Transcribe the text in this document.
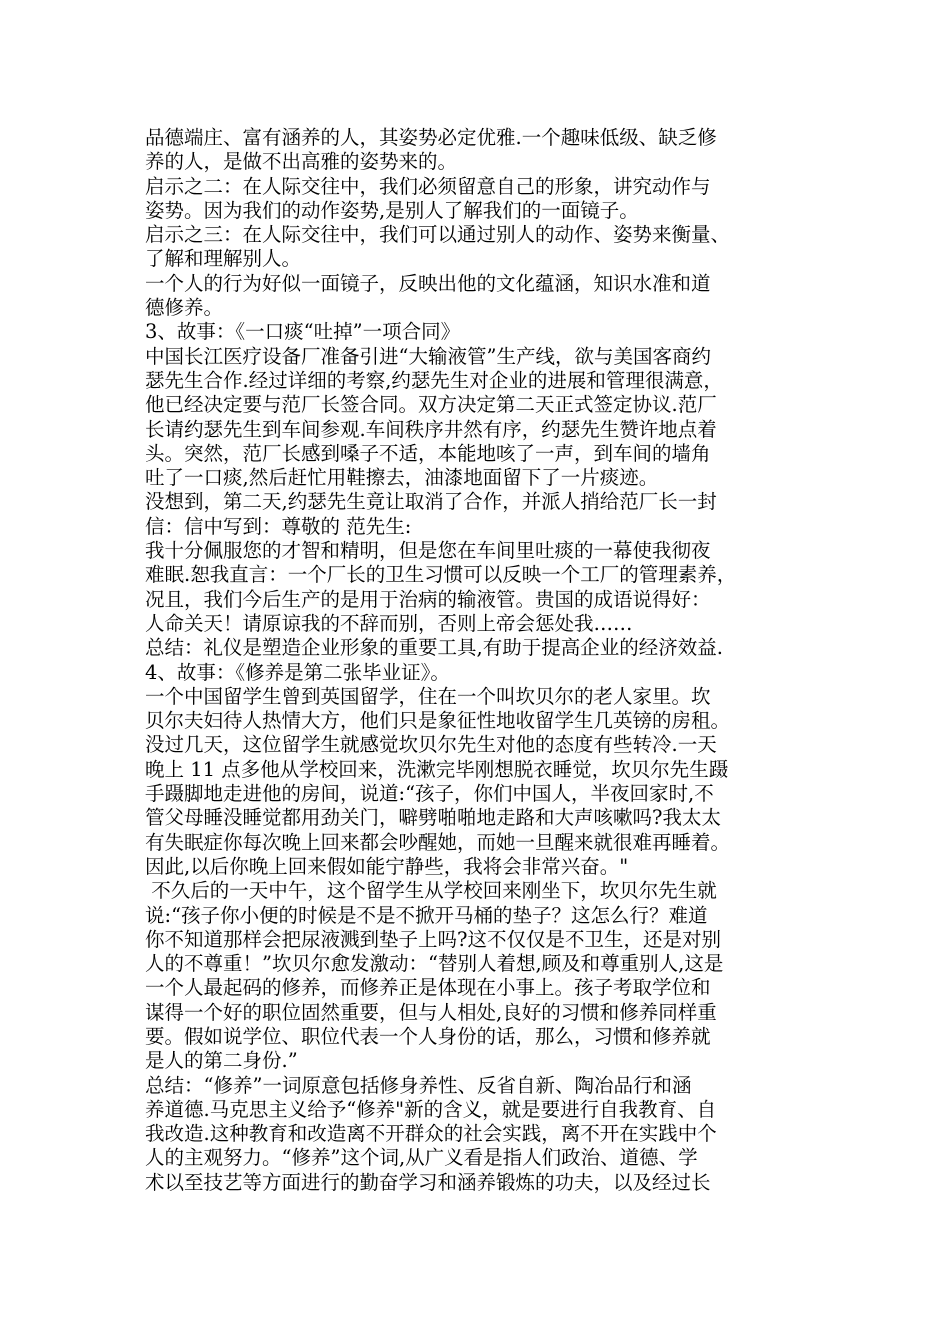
品德端庄、富有涵养的人，其姿势必定优雅.一个趣味低级、缺乏修
养的人，是做不出高雅的姿势来的。
启示之二：在人际交往中，我们必须留意自己的形象，讲究动作与
姿势。因为我们的动作姿势,是别人了解我们的一面镜子。
启示之三：在人际交往中，我们可以通过别人的动作、姿势来衡量、
了解和理解别人。
一个人的行为好似一面镜子，反映出他的文化蕴涵，知识水准和道
德修养。
3、故事：《一口痰“吐掉”一项合同》
中国长江医疗设备厂准备引进“大输液管”生产线，欲与美国客商约
瑟先生合作.经过详细的考察,约瑟先生对企业的进展和管理很满意，
他已经决定要与范厂长签合同。双方决定第二天正式签定协议.范厂
长请约瑟先生到车间参观.车间秩序井然有序，约瑟先生赞许地点着
头。突然，范厂长感到嗓子不适，本能地咳了一声，到车间的墙角
吐了一口痰,然后赶忙用鞋擦去，油漆地面留下了一片痰迹。
没想到，第二天,约瑟先生竟让取消了合作，并派人捎给范厂长一封
信：信中写到：尊敬的 范先生:
我十分佩服您的才智和精明，但是您在车间里吐痰的一幕使我彻夜
难眠.恕我直言：一个厂长的卫生习惯可以反映一个工厂的管理素养，
况且，我们今后生产的是用于治病的输液管。贵国的成语说得好：
人命关天！请原谅我的不辞而别，否则上帝会惩处我……
总结：礼仪是塑造企业形象的重要工具,有助于提高企业的经济效益.
4、故事：《修养是第二张毕业证》。
一个中国留学生曾到英国留学，住在一个叫坎贝尔的老人家里。坎
贝尔夫妇待人热情大方，他们只是象征性地收留学生几英镑的房租。
没过几天，这位留学生就感觉坎贝尔先生对他的态度有些转冷.一天
晚上 11 点多他从学校回来，洗漱完毕刚想脱衣睡觉，坎贝尔先生蹑
手蹑脚地走进他的房间，说道:“孩子，你们中国人，半夜回家时,不
管父母睡没睡觉都用劲关门，噼劈啪啪地走路和大声咳嗽吗?我太太
有失眠症你每次晚上回来都会吵醒她，而她一旦醒来就很难再睡着。
因此,以后你晚上回来假如能宁静些，我将会非常兴奋。"
不久后的一天中午，这个留学生从学校回来刚坐下，坎贝尔先生就
说:“孩子你小便的时候是不是不掀开马桶的垫子？这怎么行？难道
你不知道那样会把尿液溅到垫子上吗?这不仅仅是不卫生，还是对别
人的不尊重！”坎贝尔愈发激动：“替别人着想,顾及和尊重别人,这是
一个人最起码的修养，而修养正是体现在小事上。孩子考取学位和
谋得一个好的职位固然重要，但与人相处,良好的习惯和修养同样重
要。假如说学位、职位代表一个人身份的话，那么，习惯和修养就
是人的第二身份.”
总结：“修养”一词原意包括修身养性、反省自新、陶冶品行和涵
养道德.马克思主义给予“修养"新的含义，就是要进行自我教育、自
我改造.这种教育和改造离不开群众的社会实践，离不开在实践中个
人的主观努力。“修养”这个词,从广义看是指人们政治、道德、学
术以至技艺等方面进行的勤奋学习和涵养锻炼的功夫，以及经过长
